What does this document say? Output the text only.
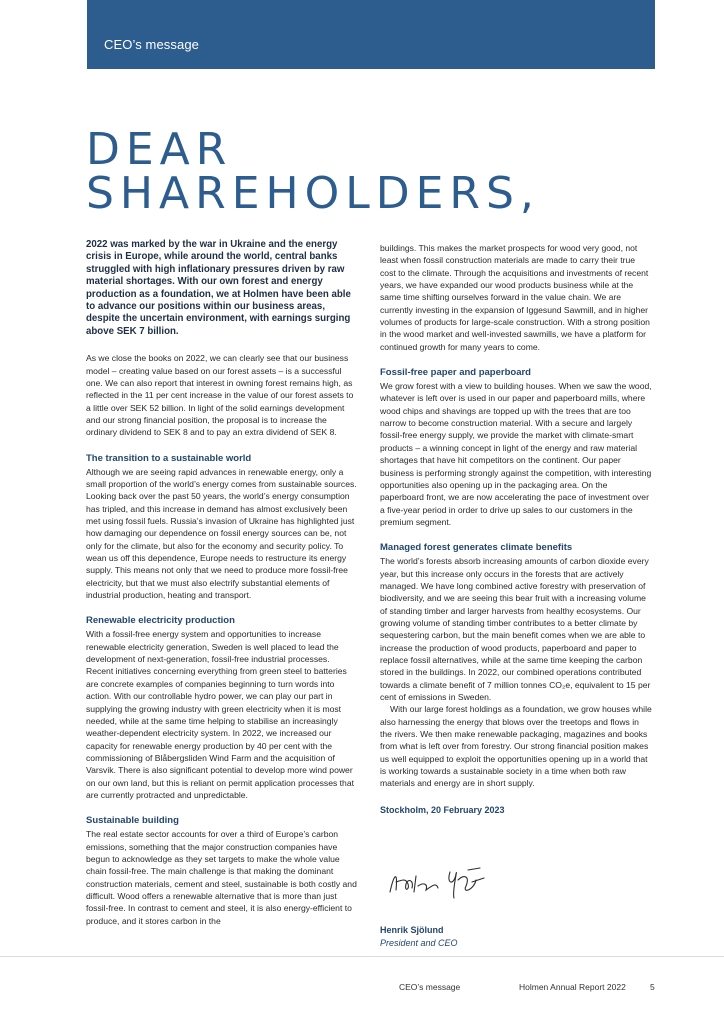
CEO’s message
DEAR
SHAREHOLDERS,

2022 was marked by the war in Ukraine and the energy crisis in Europe, while around the world, central banks struggled with high inflationary pressures driven by raw material shortages. With our own forest and energy production as a foundation, we at Holmen have been able to advance our positions within our business areas, despite the uncertain environment, with earnings surging above SEK 7 billion.

As we close the books on 2022, we can clearly see that our business model – creating value based on our forest assets – is a successful one. We can also report that interest in owning forest remains high, as reflected in the 11 per cent increase in the value of our forest assets to a little over SEK 52 billion. In light of the solid earnings development and our strong financial position, the proposal is to increase the ordinary dividend to SEK 8 and to pay an extra dividend of SEK 8.

The transition to a sustainable world

Although we are seeing rapid advances in renewable energy, only a small proportion of the world’s energy comes from sustainable sources. Looking back over the past 50 years, the world’s energy consumption has tripled, and this increase in demand has almost exclusively been met using fossil fuels. Russia’s invasion of Ukraine has highlighted just how damaging our dependence on fossil energy sources can be, not only for the climate, but also for the economy and security policy. To wean us off this dependence, Europe needs to restructure its energy supply. This means not only that we need to produce more fossil-free electricity, but that we must also electrify substantial elements of industrial production, heating and transport.

Renewable electricity production

With a fossil-free energy system and opportunities to increase renewable electricity generation, Sweden is well placed to lead the development of next-generation, fossil-free industrial processes. Recent initiatives concerning everything from green steel to batteries are concrete examples of companies beginning to turn words into action. With our controllable hydro power, we can play our part in supplying the growing industry with green electricity when it is most needed, while at the same time helping to stabilise an increasingly weather-dependent electricity system. In 2022, we increased our capacity for renewable energy production by 40 per cent with the commissioning of Blåbergsliden Wind Farm and the acquisition of Varsvik. There is also significant potential to develop more wind power on our own land, but this is reliant on permit application processes that are currently protracted and unpredictable.

Sustainable building

The real estate sector accounts for over a third of Europe’s carbon emissions, something that the major construction companies have begun to acknowledge as they set targets to make the whole value chain fossil-free. The main challenge is that making the dominant construction materials, cement and steel, sustainable is both costly and difficult. Wood offers a renewable alternative that is more than just fossil-free. In contrast to cement and steel, it is also energy-efficient to produce, and it stores carbon in the

buildings. This makes the market prospects for wood very good, not least when fossil construction materials are made to carry their true cost to the climate. Through the acquisitions and investments of recent years, we have expanded our wood products business while at the same time shifting ourselves forward in the value chain. We are currently investing in the expansion of Iggesund Sawmill, and in higher volumes of products for large-scale construction. With a strong position in the wood market and well-invested sawmills, we have a platform for continued growth for many years to come.

Fossil-free paper and paperboard

We grow forest with a view to building houses. When we saw the wood, whatever is left over is used in our paper and paperboard mills, where wood chips and shavings are topped up with the trees that are too narrow to become construction material. With a secure and largely fossil-free energy supply, we provide the market with climate-smart products – a winning concept in light of the energy and raw material shortages that have hit competitors on the continent. Our paper business is performing strongly against the competition, with interesting opportunities also opening up in the packaging area. On the paperboard front, we are now accelerating the pace of investment over a five-year period in order to drive up sales to our customers in the premium segment.

Managed forest generates climate benefits

The world’s forests absorb increasing amounts of carbon dioxide every year, but this increase only occurs in the forests that are actively managed. We have long combined active forestry with preservation of biodiversity, and we are seeing this bear fruit with a increasing volume of standing timber and larger harvests from healthy ecosystems. Our growing volume of standing timber contributes to a better climate by sequestering carbon, but the main benefit comes when we are able to increase the production of wood products, paperboard and paper to replace fossil alternatives, while at the same time keeping the carbon stored in the buildings. In 2022, our combined operations contributed towards a climate benefit of 7 million tonnes CO₂e, equivalent to 15 per cent of emissions in Sweden.

With our large forest holdings as a foundation, we grow houses while also harnessing the energy that blows over the treetops and flows in the rivers. We then make renewable packaging, magazines and books from what is left over from forestry. Our strong financial position makes us well equipped to exploit the opportunities opening up in a world that is working towards a sustainable society in a time when both raw materials and energy are in short supply.

Stockholm, 20 February 2023

Henrik Sjölund
President and CEO
CEO’s message	Holmen Annual Report 2022	5
